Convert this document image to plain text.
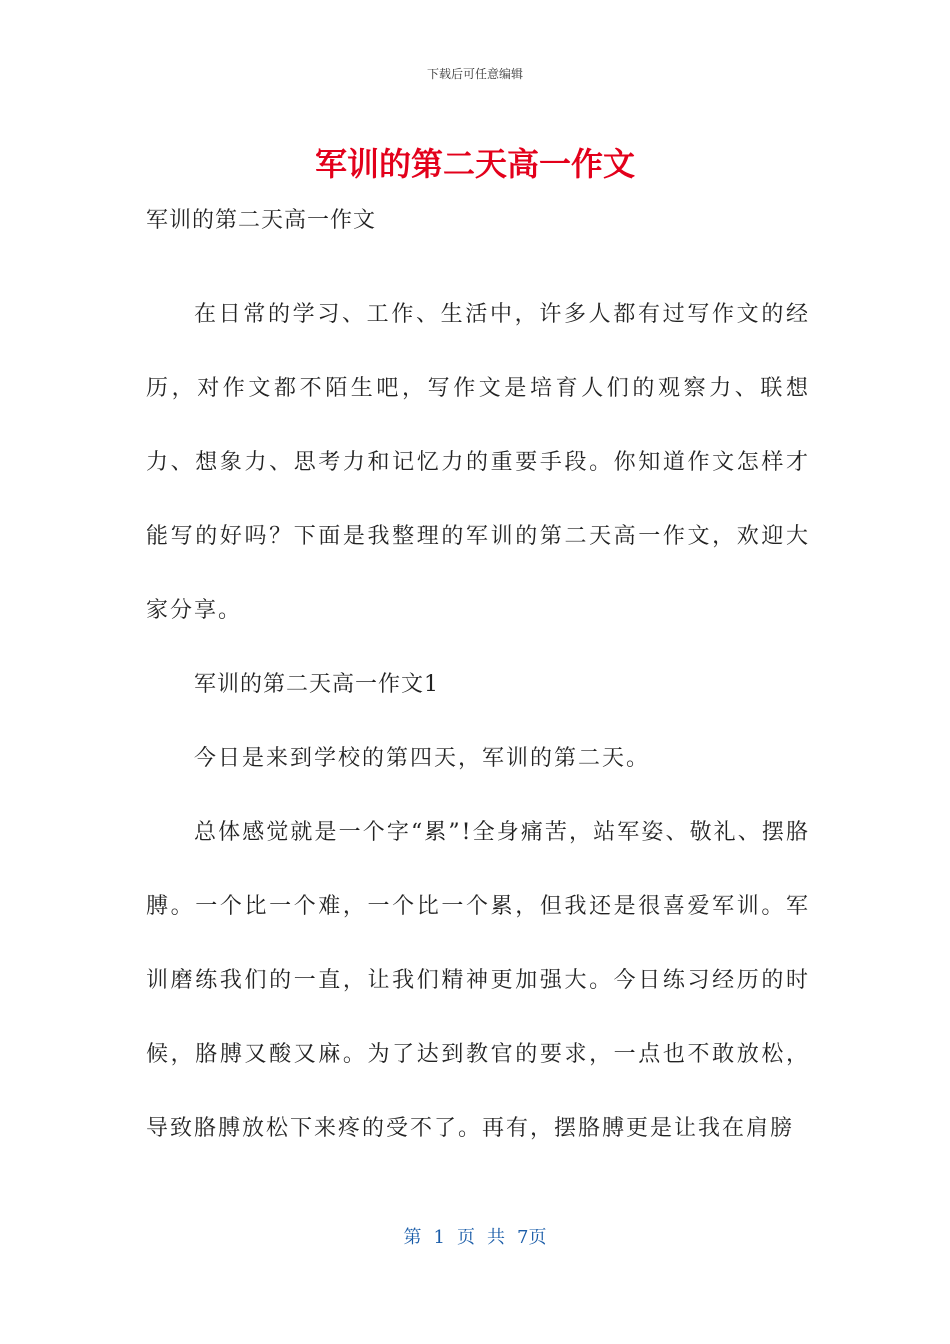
下载后可任意编辑
军训的第二天高一作文

军训的第二天高一作文

在日常的学习、工作、生活中，许多人都有过写作文的经历，对作文都不陌生吧，写作文是培育人们的观察力、联想力、想象力、思考力和记忆力的重要手段。你知道作文怎样才能写的好吗？下面是我整理的军训的第二天高一作文，欢迎大家分享。

军训的第二天高一作文1

今日是来到学校的第四天，军训的第二天。

总体感觉就是一个字“累”!全身痛苦，站军姿、敬礼、摆胳膊。一个比一个难，一个比一个累，但我还是很喜爱军训。军训磨练我们的一直，让我们精神更加强大。今日练习经历的时候，胳膊又酸又麻。为了达到教官的要求，一点也不敢放松，导致胳膊放松下来疼的受不了。再有，摆胳膊更是让我在肩膀

第 1 页 共 7页
